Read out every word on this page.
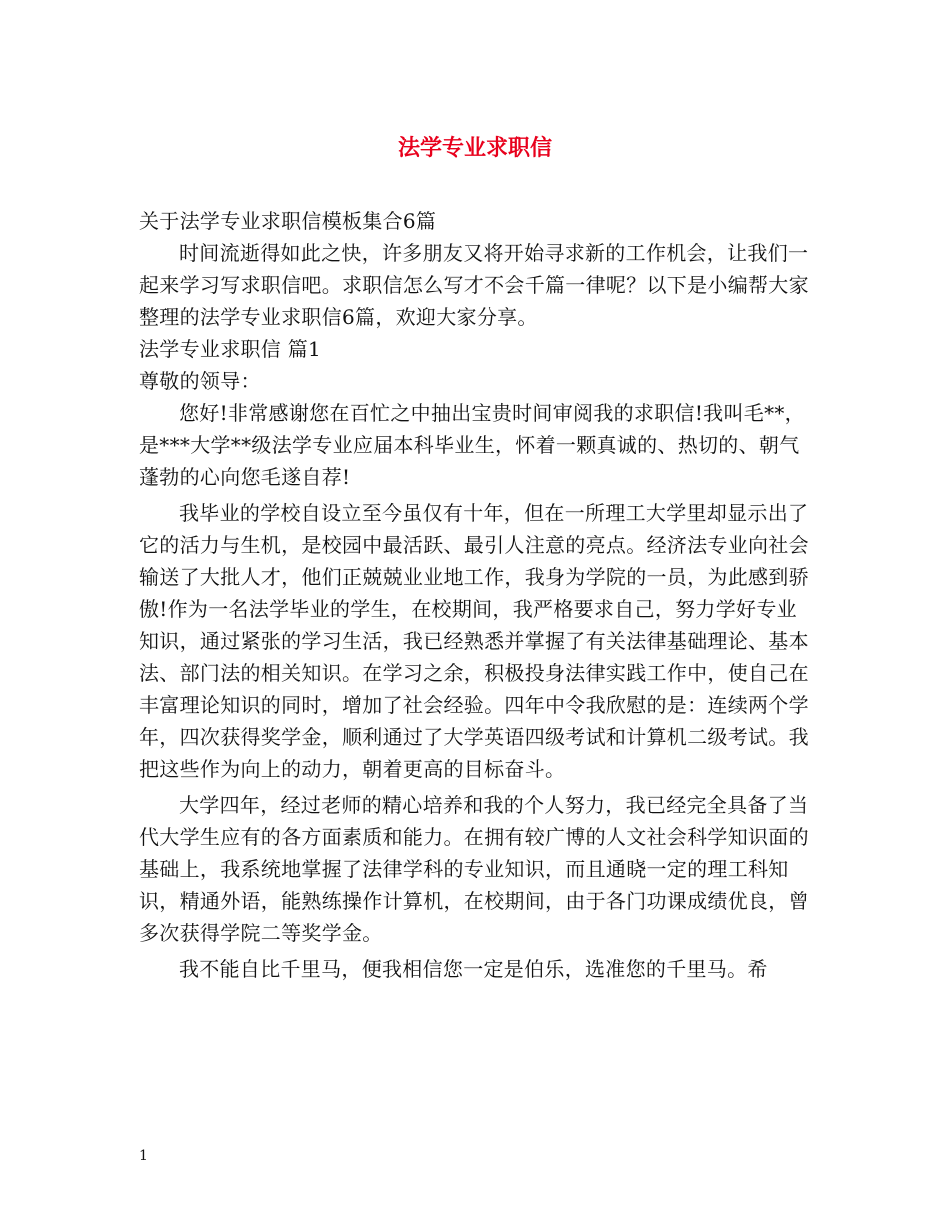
法学专业求职信

关于法学专业求职信模板集合6篇

时间流逝得如此之快，许多朋友又将开始寻求新的工作机会，让我们一起来学习写求职信吧。求职信怎么写才不会千篇一律呢？以下是小编帮大家整理的法学专业求职信6篇，欢迎大家分享。

法学专业求职信 篇1

尊敬的领导：

您好!非常感谢您在百忙之中抽出宝贵时间审阅我的求职信!我叫毛**，是***大学**级法学专业应届本科毕业生，怀着一颗真诚的、热切的、朝气蓬勃的心向您毛遂自荐!

我毕业的学校自设立至今虽仅有十年，但在一所理工大学里却显示出了它的活力与生机，是校园中最活跃、最引人注意的亮点。经济法专业向社会输送了大批人才，他们正兢兢业业地工作，我身为学院的一员，为此感到骄傲!作为一名法学毕业的学生，在校期间，我严格要求自己，努力学好专业知识，通过紧张的学习生活，我已经熟悉并掌握了有关法律基础理论、基本法、部门法的相关知识。在学习之余，积极投身法律实践工作中，使自己在丰富理论知识的同时，增加了社会经验。四年中令我欣慰的是：连续两个学年，四次获得奖学金，顺利通过了大学英语四级考试和计算机二级考试。我把这些作为向上的动力，朝着更高的目标奋斗。

大学四年，经过老师的精心培养和我的个人努力，我已经完全具备了当代大学生应有的各方面素质和能力。在拥有较广博的人文社会科学知识面的基础上，我系统地掌握了法律学科的专业知识，而且通晓一定的理工科知识，精通外语，能熟练操作计算机，在校期间，由于各门功课成绩优良，曾多次获得学院二等奖学金。

我不能自比千里马，便我相信您一定是伯乐，选准您的千里马。希

1
